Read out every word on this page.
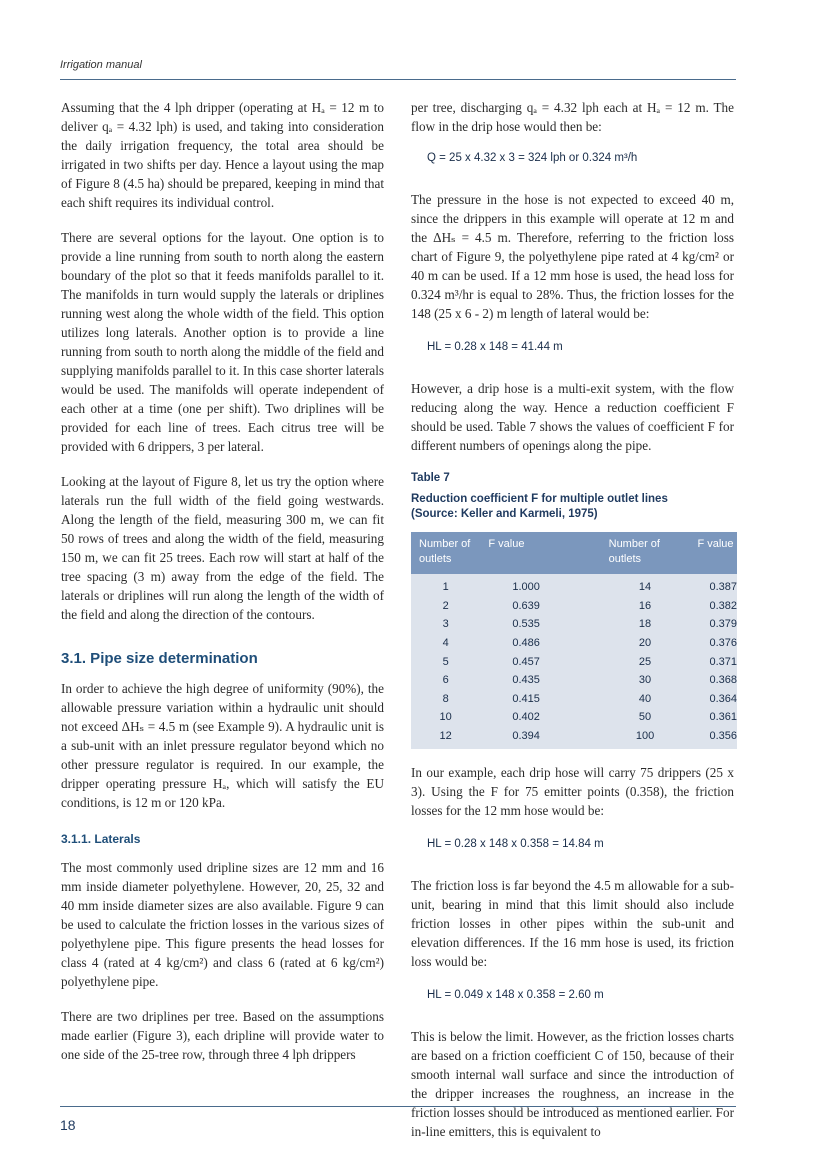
Irrigation manual

Assuming that the 4 lph dripper (operating at Hₐ = 12 m to deliver qₐ = 4.32 lph) is used, and taking into consideration the daily irrigation frequency, the total area should be irrigated in two shifts per day. Hence a layout using the map of Figure 8 (4.5 ha) should be prepared, keeping in mind that each shift requires its individual control.

There are several options for the layout. One option is to provide a line running from south to north along the eastern boundary of the plot so that it feeds manifolds parallel to it. The manifolds in turn would supply the laterals or driplines running west along the whole width of the field. This option utilizes long laterals. Another option is to provide a line running from south to north along the middle of the field and supplying manifolds parallel to it. In this case shorter laterals would be used. The manifolds will operate independent of each other at a time (one per shift). Two driplines will be provided for each line of trees. Each citrus tree will be provided with 6 drippers, 3 per lateral.

Looking at the layout of Figure 8, let us try the option where laterals run the full width of the field going westwards. Along the length of the field, measuring 300 m, we can fit 50 rows of trees and along the width of the field, measuring 150 m, we can fit 25 trees. Each row will start at half of the tree spacing (3 m) away from the edge of the field. The laterals or driplines will run along the length of the width of the field and along the direction of the contours.

3.1. Pipe size determination

In order to achieve the high degree of uniformity (90%), the allowable pressure variation within a hydraulic unit should not exceed ΔHₛ = 4.5 m (see Example 9). A hydraulic unit is a sub-unit with an inlet pressure regulator beyond which no other pressure regulator is required. In our example, the dripper operating pressure Hₐ, which will satisfy the EU conditions, is 12 m or 120 kPa.

3.1.1. Laterals

The most commonly used dripline sizes are 12 mm and 16 mm inside diameter polyethylene. However, 20, 25, 32 and 40 mm inside diameter sizes are also available. Figure 9 can be used to calculate the friction losses in the various sizes of polyethylene pipe. This figure presents the head losses for class 4 (rated at 4 kg/cm²) and class 6 (rated at 6 kg/cm²) polyethylene pipe.

There are two driplines per tree. Based on the assumptions made earlier (Figure 3), each dripline will provide water to one side of the 25-tree row, through three 4 lph drippers

per tree, discharging qₐ = 4.32 lph each at Hₐ = 12 m. The flow in the drip hose would then be:

Q = 25 x 4.32 x 3 = 324 lph or 0.324 m³/h

The pressure in the hose is not expected to exceed 40 m, since the drippers in this example will operate at 12 m and the ΔHₛ = 4.5 m. Therefore, referring to the friction loss chart of Figure 9, the polyethylene pipe rated at 4 kg/cm² or 40 m can be used. If a 12 mm hose is used, the head loss for 0.324 m³/hr is equal to 28%. Thus, the friction losses for the 148 (25 x 6 - 2) m length of lateral would be:

HL = 0.28 x 148 = 41.44 m

However, a drip hose is a multi-exit system, with the flow reducing along the way. Hence a reduction coefficient F should be used. Table 7 shows the values of coefficient F for different numbers of openings along the pipe.

Table 7
Reduction coefficient F for multiple outlet lines
(Source: Keller and Karmeli, 1975)
Number of outlets	F value	Number of outlets	F value
1	1.000	14	0.387
2	0.639	16	0.382
3	0.535	18	0.379
4	0.486	20	0.376
5	0.457	25	0.371
6	0.435	30	0.368
8	0.415	40	0.364
10	0.402	50	0.361
12	0.394	100	0.356

In our example, each drip hose will carry 75 drippers (25 x 3). Using the F for 75 emitter points (0.358), the friction losses for the 12 mm hose would be:

HL = 0.28 x 148 x 0.358 = 14.84 m

The friction loss is far beyond the 4.5 m allowable for a sub-unit, bearing in mind that this limit should also include friction losses in other pipes within the sub-unit and elevation differences. If the 16 mm hose is used, its friction loss would be:

HL = 0.049 x 148 x 0.358 = 2.60 m

This is below the limit. However, as the friction losses charts are based on a friction coefficient C of 150, because of their smooth internal wall surface and since the introduction of the dripper increases the roughness, an increase in the friction losses should be introduced as mentioned earlier. For in-line emitters, this is equivalent to

18
